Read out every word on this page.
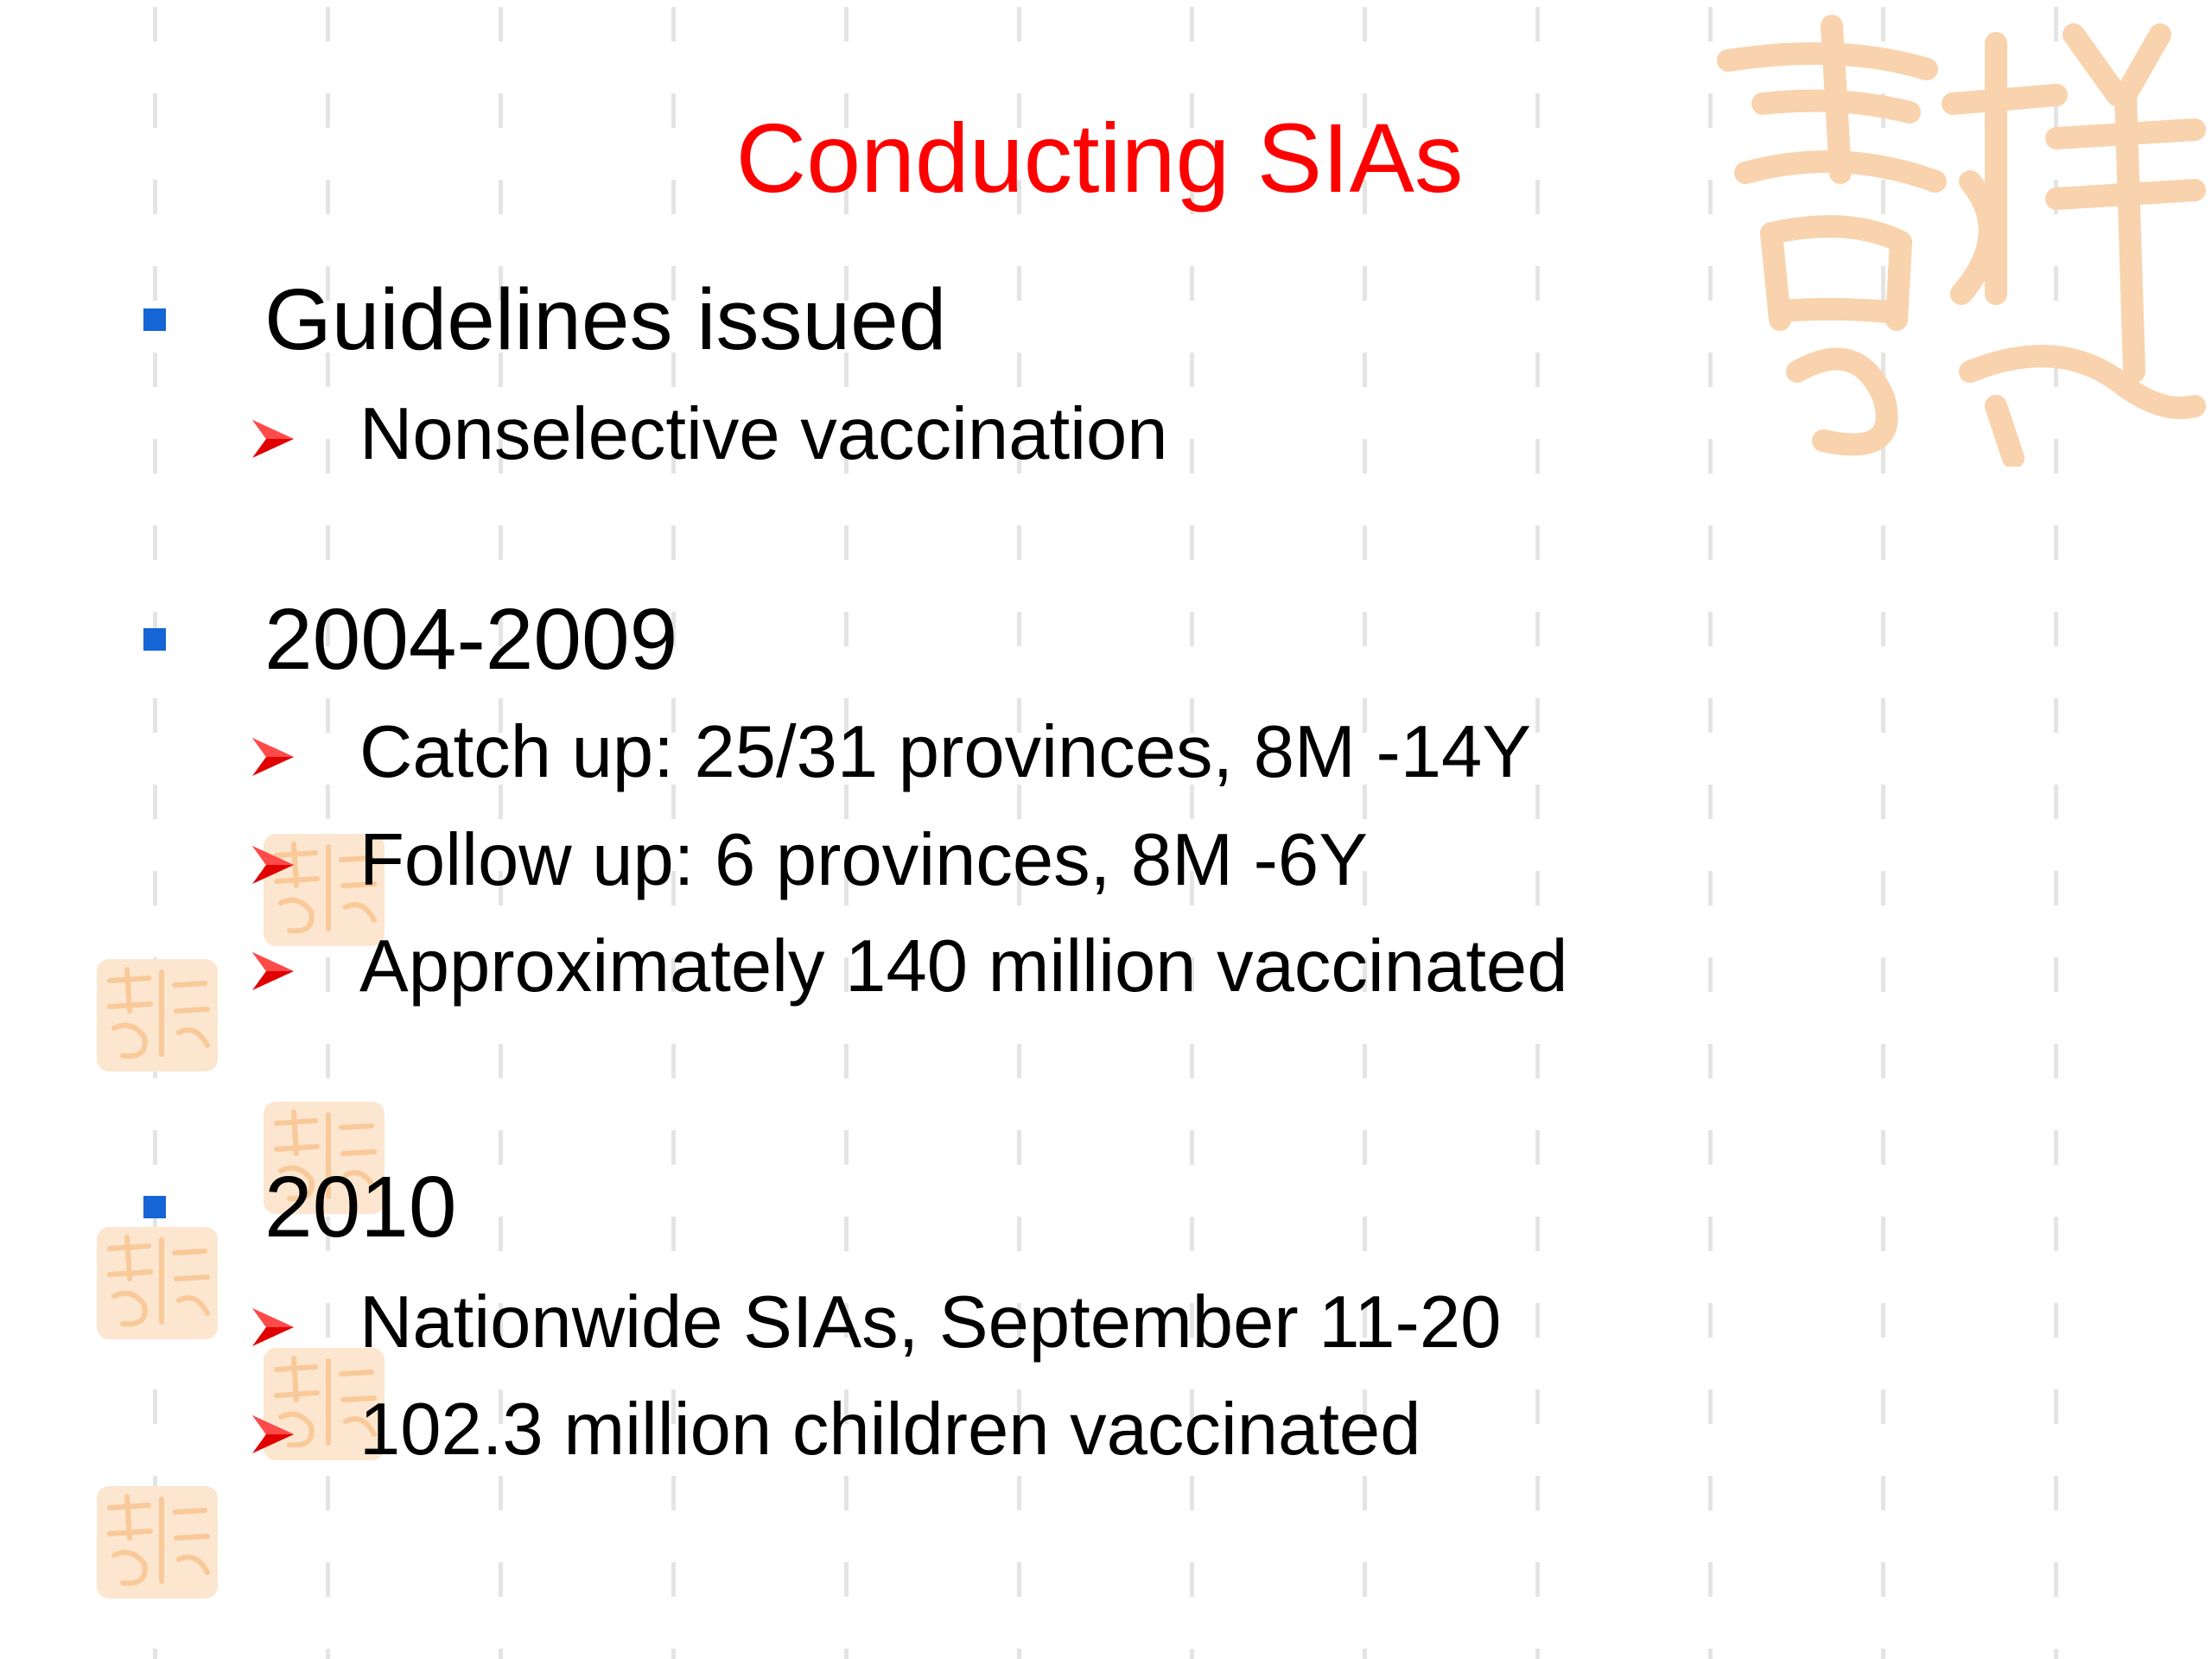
Conducting SIAs
Guidelines issued
Nonselective vaccination
2004-2009
Catch up: 25/31 provinces, 8M -14Y
Follow up: 6 provinces, 8M -6Y
Approximately 140 million vaccinated
2010
Nationwide SIAs, September 11-20
102.3 million children vaccinated
